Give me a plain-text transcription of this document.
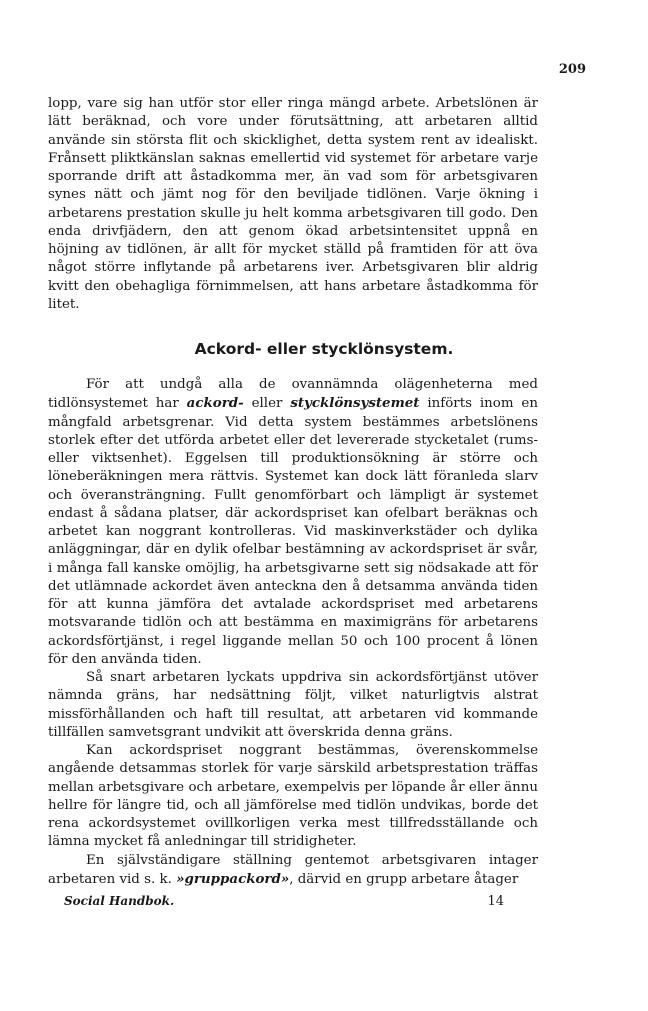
209

lopp, vare sig han utför stor eller ringa mängd arbete. Arbetslönen är lätt beräknad, och vore under förutsättning, att arbetaren alltid använde sin största flit och skicklighet, detta system rent av idealiskt. Frånsett pliktkänslan saknas emellertid vid systemet för arbetare varje sporrande drift att åstadkomma mer, än vad som för arbetsgivaren synes nätt och jämt nog för den beviljade tidlönen. Varje ökning i arbetarens prestation skulle ju helt komma arbetsgivaren till godo. Den enda drivfjädern, den att genom ökad arbetsintensitet uppnå en höjning av tidlönen, är allt för mycket ställd på framtiden för att öva något större inflytande på arbetarens iver. Arbetsgivaren blir aldrig kvitt den obehagliga förnimmelsen, att hans arbetare åstadkomma för litet.

Ackord- eller stycklönsystem.

För att undgå alla de ovannämnda olägenheterna med tidlönsystemet har ackord- eller stycklönsystemet införts inom en mångfald arbetsgrenar. Vid detta system bestämmes arbetslönens storlek efter det utförda arbetet eller det levererade stycketalet (rums- eller viktsenhet). Eggelsen till produktionsökning är större och löneberäkningen mera rättvis. Systemet kan dock lätt föranleda slarv och överansträngning. Fullt genomförbart och lämpligt är systemet endast å sådana platser, där ackordspriset kan ofelbart beräknas och arbetet kan noggrant kontrolleras. Vid maskinverkstäder och dylika anläggningar, där en dylik ofelbar bestämning av ackordspriset är svår, i många fall kanske omöjlig, ha arbetsgivarne sett sig nödsakade att för det utlämnade ackordet även anteckna den å detsamma använda tiden för att kunna jämföra det avtalade ackordspriset med arbetarens motsvarande tidlön och att bestämma en maximigräns för arbetarens ackordsförtjänst, i regel liggande mellan 50 och 100 procent å lönen för den använda tiden.

Så snart arbetaren lyckats uppdriva sin ackordsförtjänst utöver nämnda gräns, har nedsättning följt, vilket naturligtvis alstrat missförhållanden och haft till resultat, att arbetaren vid kommande tillfällen samvetsgrant undvikit att överskrida denna gräns.

Kan ackordspriset noggrant bestämmas, överenskommelse angående detsammas storlek för varje särskild arbetsprestation träffas mellan arbetsgivare och arbetare, exempelvis per löpande år eller ännu hellre för längre tid, och all jämförelse med tidlön undvikas, borde det rena ackordsystemet ovillkorligen verka mest tillfredsställande och lämna mycket få anledningar till stridigheter.

En självständigare ställning gentemot arbetsgivaren intager arbetaren vid s. k. »gruppackord», därvid en grupp arbetare åtager

Social Handbok.	14
